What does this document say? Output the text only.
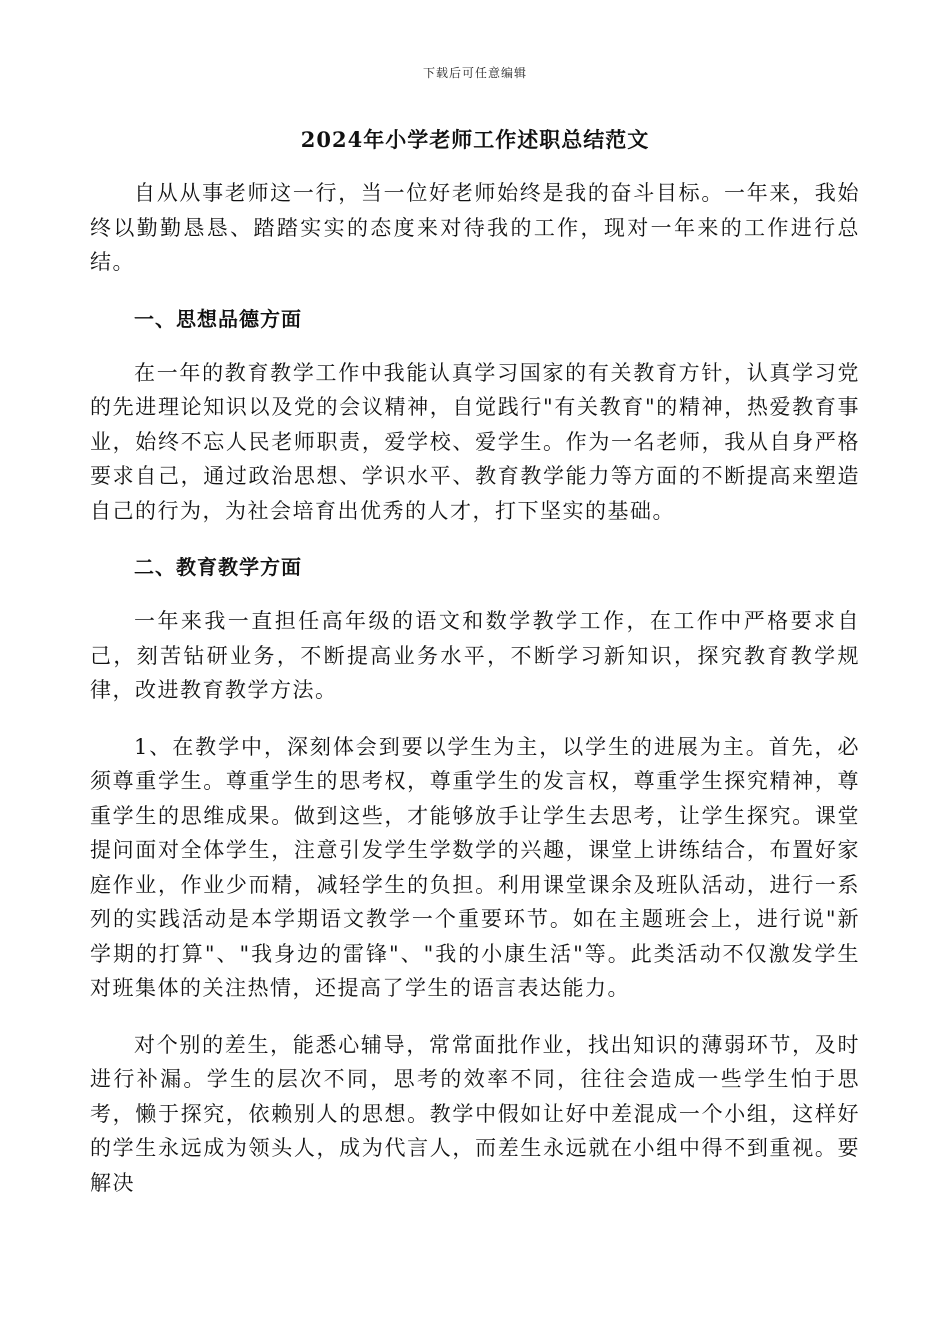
下载后可任意编辑
2024年小学老师工作述职总结范文

自从从事老师这一行，当一位好老师始终是我的奋斗目标。一年来，我始终以勤勤恳恳、踏踏实实的态度来对待我的工作，现对一年来的工作进行总结。

一、思想品德方面

在一年的教育教学工作中我能认真学习国家的有关教育方针，认真学习党的先进理论知识以及党的会议精神，自觉践行"有关教育"的精神，热爱教育事业，始终不忘人民老师职责，爱学校、爱学生。作为一名老师，我从自身严格要求自己，通过政治思想、学识水平、教育教学能力等方面的不断提高来塑造自己的行为，为社会培育出优秀的人才，打下坚实的基础。

二、教育教学方面

一年来我一直担任高年级的语文和数学教学工作，在工作中严格要求自己，刻苦钻研业务，不断提高业务水平，不断学习新知识，探究教育教学规律，改进教育教学方法。

1、在教学中，深刻体会到要以学生为主，以学生的进展为主。首先，必须尊重学生。尊重学生的思考权，尊重学生的发言权，尊重学生探究精神，尊重学生的思维成果。做到这些，才能够放手让学生去思考，让学生探究。课堂提问面对全体学生，注意引发学生学数学的兴趣，课堂上讲练结合，布置好家庭作业，作业少而精，减轻学生的负担。利用课堂课余及班队活动，进行一系列的实践活动是本学期语文教学一个重要环节。如在主题班会上，进行说"新学期的打算"、"我身边的雷锋"、"我的小康生活"等。此类活动不仅激发学生对班集体的关注热情，还提高了学生的语言表达能力。

对个别的差生，能悉心辅导，常常面批作业，找出知识的薄弱环节，及时进行补漏。学生的层次不同，思考的效率不同，往往会造成一些学生怕于思考，懒于探究，依赖别人的思想。教学中假如让好中差混成一个小组，这样好的学生永远成为领头人，成为代言人，而差生永远就在小组中得不到重视。要解决
